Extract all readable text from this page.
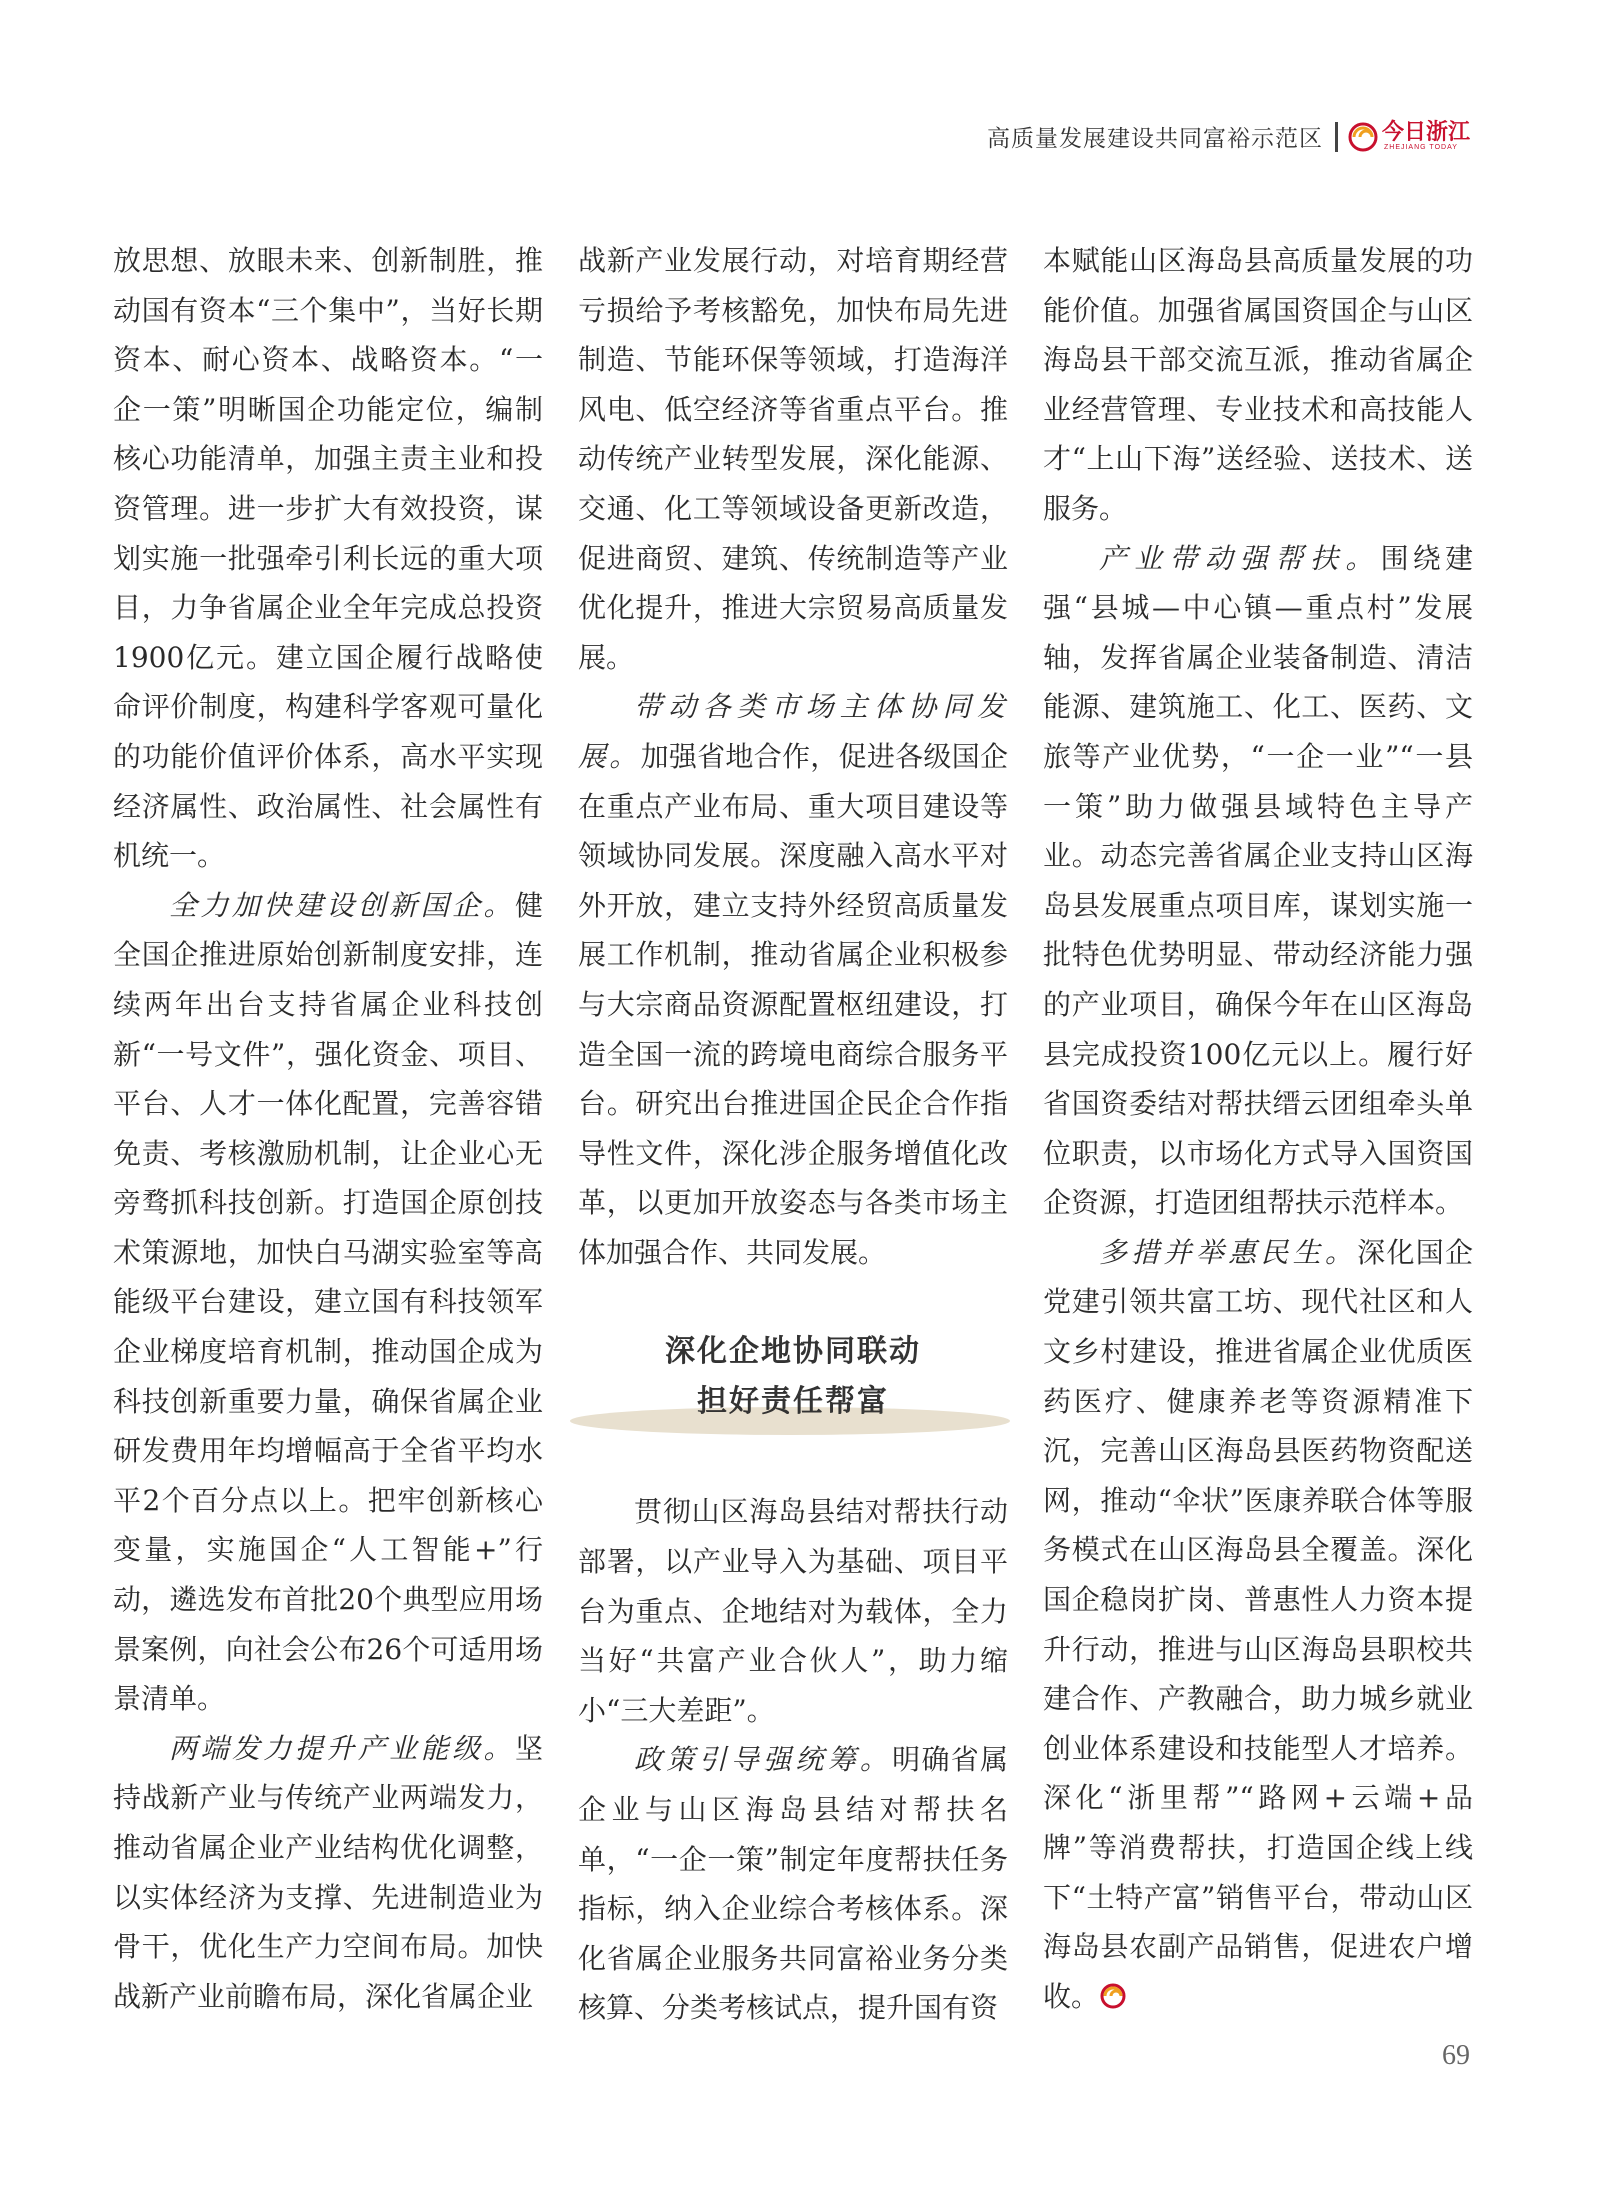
高质量发展建设共同富裕示范区	今日浙江
ZHEJIANG TODAY

放思想、放眼未来、创新制胜，推动国有资本“三个集中”，当好长期资本、耐心资本、战略资本。“一企一策”明晰国企功能定位，编制核心功能清单，加强主责主业和投资管理。进一步扩大有效投资，谋划实施一批强牵引利长远的重大项目，力争省属企业全年完成总投资1900亿元。建立国企履行战略使命评价制度，构建科学客观可量化的功能价值评价体系，高水平实现经济属性、政治属性、社会属性有机统一。

全力加快建设创新国企。健全国企推进原始创新制度安排，连续两年出台支持省属企业科技创新“一号文件”，强化资金、项目、平台、人才一体化配置，完善容错免责、考核激励机制，让企业心无旁骛抓科技创新。打造国企原创技术策源地，加快白马湖实验室等高能级平台建设，建立国有科技领军企业梯度培育机制，推动国企成为科技创新重要力量，确保省属企业研发费用年均增幅高于全省平均水平2个百分点以上。把牢创新核心变量，实施国企“人工智能+”行动，遴选发布首批20个典型应用场景案例，向社会公布26个可适用场景清单。

两端发力提升产业能级。坚持战新产业与传统产业两端发力，推动省属企业产业结构优化调整，以实体经济为支撑、先进制造业为骨干，优化生产力空间布局。加快战新产业前瞻布局，深化省属企业

战新产业发展行动，对培育期经营亏损给予考核豁免，加快布局先进制造、节能环保等领域，打造海洋风电、低空经济等省重点平台。推动传统产业转型发展，深化能源、交通、化工等领域设备更新改造，促进商贸、建筑、传统制造等产业优化提升，推进大宗贸易高质量发展。

带动各类市场主体协同发展。加强省地合作，促进各级国企在重点产业布局、重大项目建设等领域协同发展。深度融入高水平对外开放，建立支持外经贸高质量发展工作机制，推动省属企业积极参与大宗商品资源配置枢纽建设，打造全国一流的跨境电商综合服务平台。研究出台推进国企民企合作指导性文件，深化涉企服务增值化改革，以更加开放姿态与各类市场主体加强合作、共同发展。

深化企地协同联动
担好责任帮富

贯彻山区海岛县结对帮扶行动部署，以产业导入为基础、项目平台为重点、企地结对为载体，全力当好“共富产业合伙人”，助力缩小“三大差距”。

政策引导强统筹。明确省属企业与山区海岛县结对帮扶名单，“一企一策”制定年度帮扶任务指标，纳入企业综合考核体系。深化省属企业服务共同富裕业务分类核算、分类考核试点，提升国有资

本赋能山区海岛县高质量发展的功能价值。加强省属国资国企与山区海岛县干部交流互派，推动省属企业经营管理、专业技术和高技能人才“上山下海”送经验、送技术、送服务。

产业带动强帮扶。围绕建强“县城—中心镇—重点村”发展轴，发挥省属企业装备制造、清洁能源、建筑施工、化工、医药、文旅等产业优势，“一企一业”“一县一策”助力做强县域特色主导产业。动态完善省属企业支持山区海岛县发展重点项目库，谋划实施一批特色优势明显、带动经济能力强的产业项目，确保今年在山区海岛县完成投资100亿元以上。履行好省国资委结对帮扶缙云团组牵头单位职责，以市场化方式导入国资国企资源，打造团组帮扶示范样本。

多措并举惠民生。深化国企党建引领共富工坊、现代社区和人文乡村建设，推进省属企业优质医药医疗、健康养老等资源精准下沉，完善山区海岛县医药物资配送网，推动“伞状”医康养联合体等服务模式在山区海岛县全覆盖。深化国企稳岗扩岗、普惠性人力资本提升行动，推进与山区海岛县职校共建合作、产教融合，助力城乡就业创业体系建设和技能型人才培养。深化“浙里帮”“路网+云端+品牌”等消费帮扶，打造国企线上线下“土特产富”销售平台，带动山区海岛县农副产品销售，促进农户增收。

69
